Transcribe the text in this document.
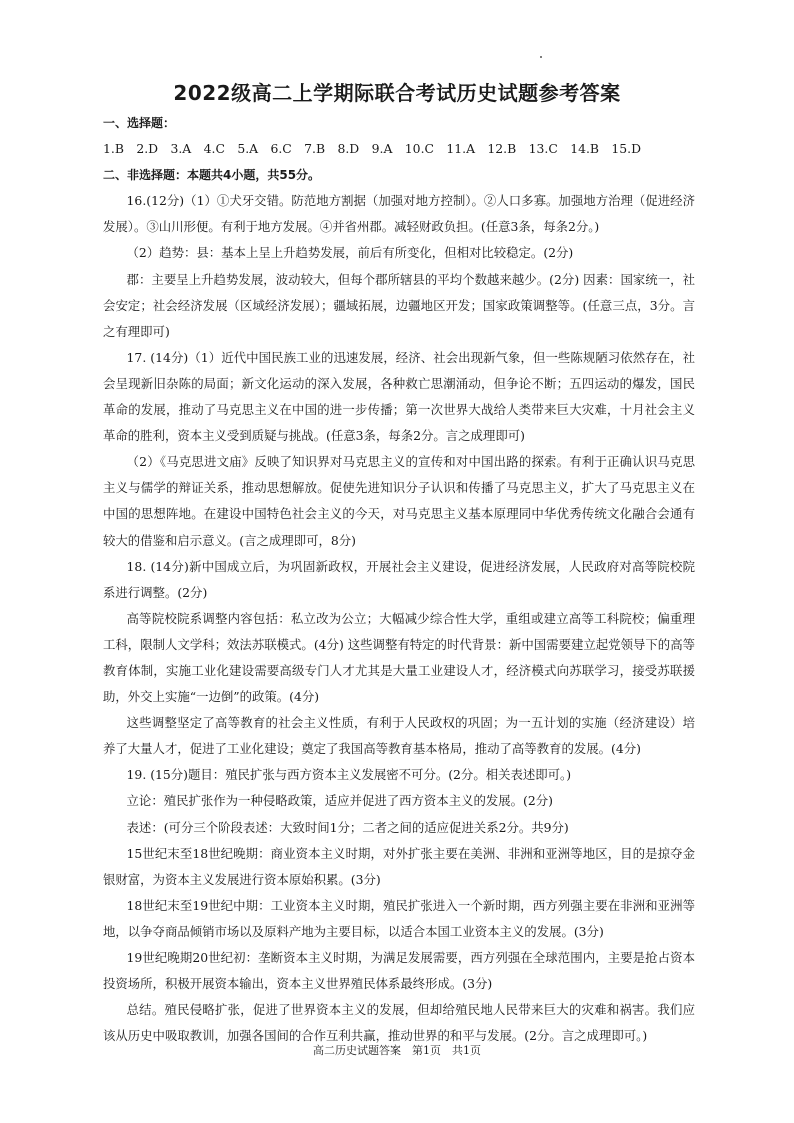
2022级高二上学期际联合考试历史试题参考答案

一、选择题：

1.B　2.D　3.A　4.C　5.A　6.C　7.B　8.D　9.A　10.C　11.A　12.B　13.C　14.B　15.D

二、非选择题：本题共4小题，共55分。

16.(12分)（1）①犬牙交错。防范地方割据（加强对地方控制）。②人口多寡。加强地方治理（促进经济发展）。③山川形便。有利于地方发展。④并省州郡。减轻财政负担。(任意3条，每条2分。)

（2）趋势：县：基本上呈上升趋势发展，前后有所变化，但相对比较稳定。(2分)

郡：主要呈上升趋势发展，波动较大，但每个郡所辖县的平均个数越来越少。(2分) 因素：国家统一，社会安定；社会经济发展（区域经济发展）；疆域拓展，边疆地区开发；国家政策调整等。(任意三点，3分。言之有理即可)

17. (14分)（1）近代中国民族工业的迅速发展，经济、社会出现新气象，但一些陈规陋习依然存在，社会呈现新旧杂陈的局面；新文化运动的深入发展，各种救亡思潮涌动，但争论不断；五四运动的爆发，国民革命的发展，推动了马克思主义在中国的进一步传播；第一次世界大战给人类带来巨大灾难，十月社会主义革命的胜利，资本主义受到质疑与挑战。(任意3条，每条2分。言之成理即可)

（2）《马克思进文庙》反映了知识界对马克思主义的宣传和对中国出路的探索。有利于正确认识马克思主义与儒学的辩证关系，推动思想解放。促使先进知识分子认识和传播了马克思主义，扩大了马克思主义在中国的思想阵地。在建设中国特色社会主义的今天，对马克思主义基本原理同中华优秀传统文化融合会通有较大的借鉴和启示意义。(言之成理即可，8分)

18. (14分)新中国成立后，为巩固新政权，开展社会主义建设，促进经济发展，人民政府对高等院校院系进行调整。(2分)

高等院校院系调整内容包括：私立改为公立；大幅减少综合性大学，重组或建立高等工科院校；偏重理工科，限制人文学科；效法苏联模式。(4分) 这些调整有特定的时代背景：新中国需要建立起党领导下的高等教育体制，实施工业化建设需要高级专门人才尤其是大量工业建设人才，经济模式向苏联学习，接受苏联援助，外交上实施“一边倒”的政策。(4分)

这些调整坚定了高等教育的社会主义性质，有利于人民政权的巩固；为一五计划的实施（经济建设）培养了大量人才，促进了工业化建设；奠定了我国高等教育基本格局，推动了高等教育的发展。(4分)

19. (15分)题目：殖民扩张与西方资本主义发展密不可分。(2分。相关表述即可。)

立论：殖民扩张作为一种侵略政策，适应并促进了西方资本主义的发展。(2分)

表述：(可分三个阶段表述：大致时间1分；二者之间的适应促进关系2分。共9分)

15世纪末至18世纪晚期：商业资本主义时期，对外扩张主要在美洲、非洲和亚洲等地区，目的是掠夺金银财富，为资本主义发展进行资本原始积累。(3分)

18世纪末至19世纪中期：工业资本主义时期，殖民扩张进入一个新时期，西方列强主要在非洲和亚洲等地，以争夺商品倾销市场以及原料产地为主要目标，以适合本国工业资本主义的发展。(3分)

19世纪晚期20世纪初：垄断资本主义时期，为满足发展需要，西方列强在全球范围内，主要是抢占资本投资场所，积极开展资本输出，资本主义世界殖民体系最终形成。(3分)

总结。殖民侵略扩张，促进了世界资本主义的发展，但却给殖民地人民带来巨大的灾难和祸害。我们应该从历史中吸取教训，加强各国间的合作互利共赢，推动世界的和平与发展。(2分。言之成理即可。)

高二历史试题答案　第1页　共1页
